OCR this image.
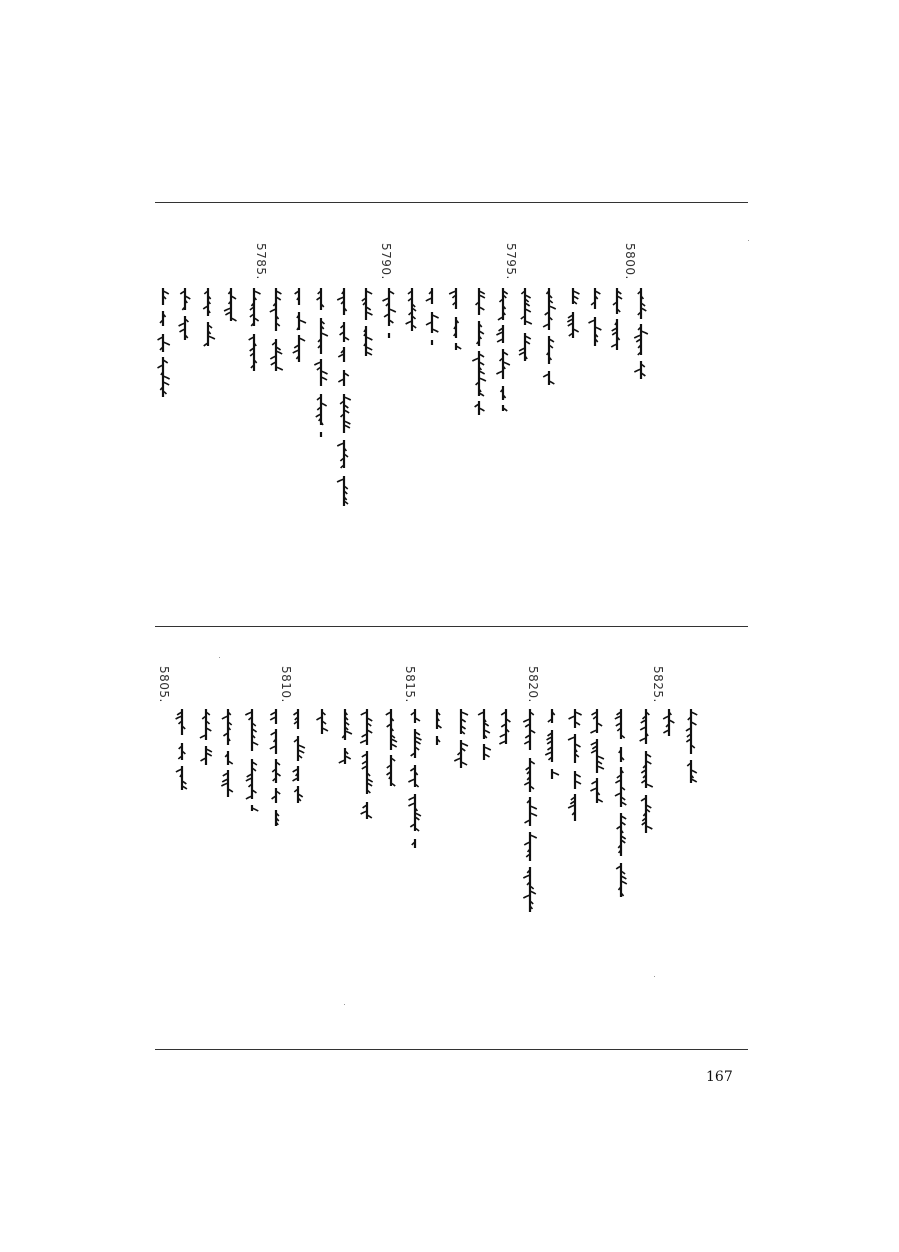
5800.
5795.
5790.
5785.
5825.
5820.
5815.
5810.
5805.
167
